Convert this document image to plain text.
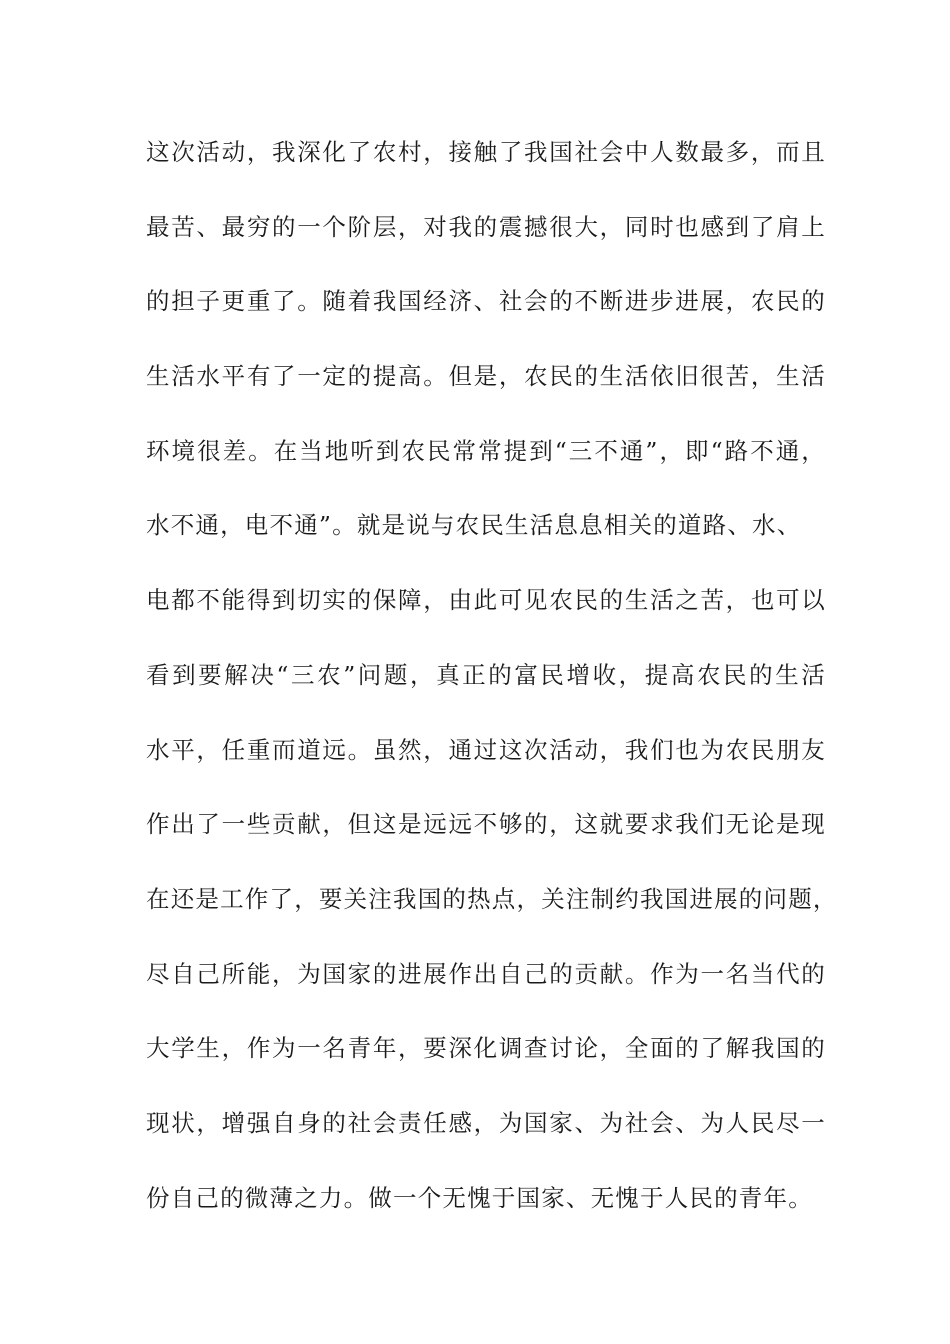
这次活动，我深化了农村，接触了我国社会中人数最多，而且
最苦、最穷的一个阶层，对我的震撼很大，同时也感到了肩上
的担子更重了。随着我国经济、社会的不断进步进展，农民的
生活水平有了一定的提高。但是，农民的生活依旧很苦，生活
环境很差。在当地听到农民常常提到“三不通”，即“路不通，
水不通，电不通”。就是说与农民生活息息相关的道路、水、
电都不能得到切实的保障，由此可见农民的生活之苦，也可以
看到要解决“三农”问题，真正的富民增收，提高农民的生活
水平，任重而道远。虽然，通过这次活动，我们也为农民朋友
作出了一些贡献，但这是远远不够的，这就要求我们无论是现
在还是工作了，要关注我国的热点，关注制约我国进展的问题，
尽自己所能，为国家的进展作出自己的贡献。作为一名当代的
大学生，作为一名青年，要深化调查讨论，全面的了解我国的
现状，增强自身的社会责任感，为国家、为社会、为人民尽一
份自己的微薄之力。做一个无愧于国家、无愧于人民的青年。
